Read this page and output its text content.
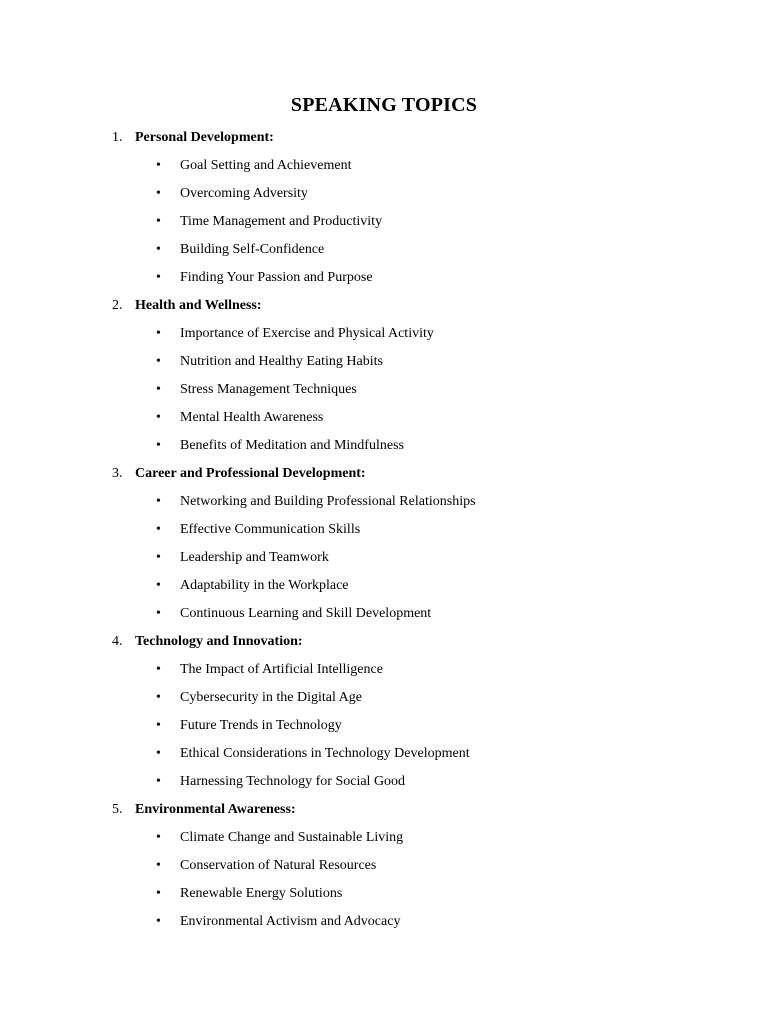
SPEAKING TOPICS
1. Personal Development:
• Goal Setting and Achievement
• Overcoming Adversity
• Time Management and Productivity
• Building Self-Confidence
• Finding Your Passion and Purpose
2. Health and Wellness:
• Importance of Exercise and Physical Activity
• Nutrition and Healthy Eating Habits
• Stress Management Techniques
• Mental Health Awareness
• Benefits of Meditation and Mindfulness
3. Career and Professional Development:
• Networking and Building Professional Relationships
• Effective Communication Skills
• Leadership and Teamwork
• Adaptability in the Workplace
• Continuous Learning and Skill Development
4. Technology and Innovation:
• The Impact of Artificial Intelligence
• Cybersecurity in the Digital Age
• Future Trends in Technology
• Ethical Considerations in Technology Development
• Harnessing Technology for Social Good
5. Environmental Awareness:
• Climate Change and Sustainable Living
• Conservation of Natural Resources
• Renewable Energy Solutions
• Environmental Activism and Advocacy
